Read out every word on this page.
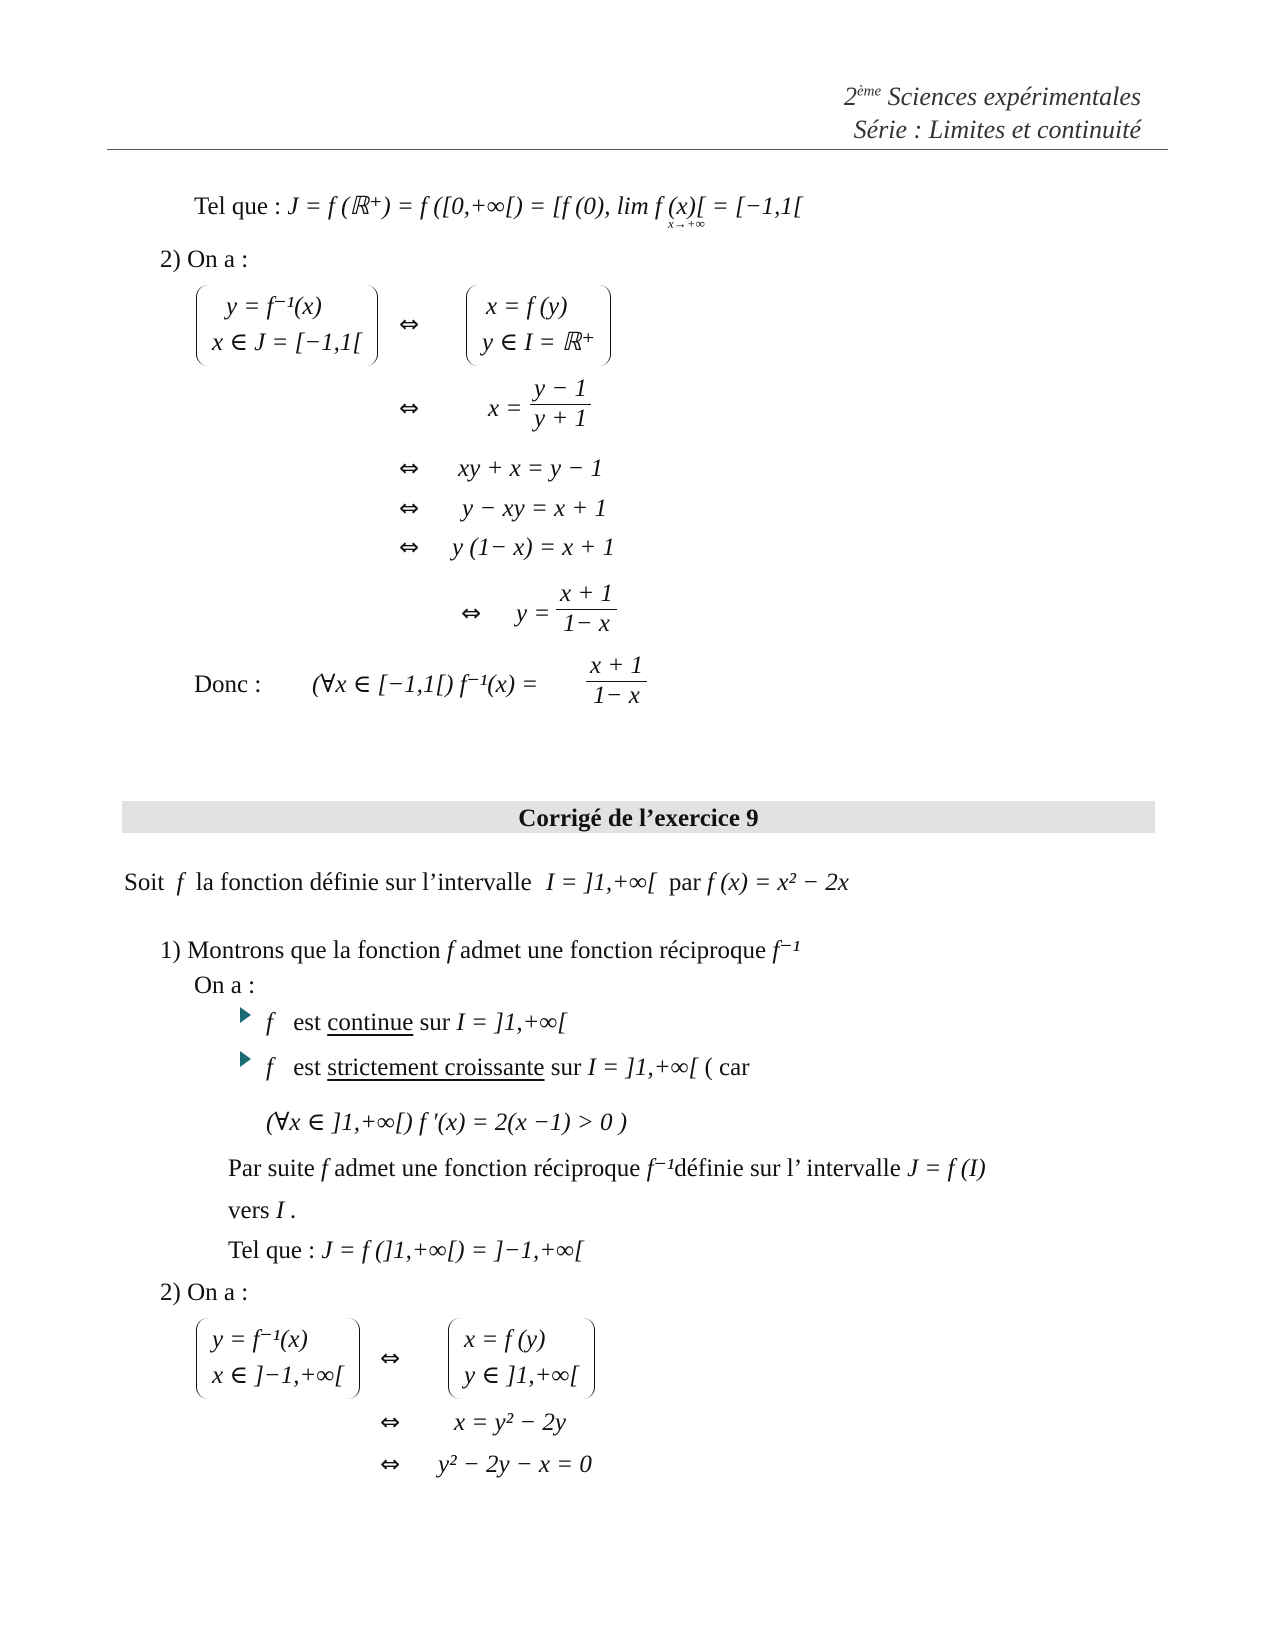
2ème Sciences expérimentales
Série : Limites et continuité
Tel que : J = f (ℝ⁺) = f ([0,+∞[) = [f (0), lim f (x)[ = [−1,1[
x→+∞
2) On a :
y = f⁻¹(x)
x ∈ J = [−1,1[
⇔
x = f (y)
y ∈ I = ℝ⁺
⇔	$x = \frac{y - 1}{y + 1}$
⇔ xy + x = y − 1
⇔ y − xy = x + 1
⇔ y (1− x) = x + 1
⇔ $y = \frac{x + 1}{1- x}$
Donc : (∀x ∈ [−1,1[) $f^{-1}(x) = \frac{x + 1}{1- x}$
Corrigé de l’exercice 9
Soit f la fonction définie sur l’intervalle I = ]1,+∞[ par f (x) = x² − 2x
1) Montrons que la fonction f admet une fonction réciproque f⁻¹
On a :
f est continue sur I = ]1,+∞[
f est strictement croissante sur I = ]1,+∞[ ( car
(∀x ∈ ]1,+∞[) f ′(x) = 2(x −1) > 0 )
Par suite f admet une fonction réciproque f⁻¹définie sur l’ intervalle J = f (I)
vers I .
Tel que : J = f (]1,+∞[) = ]−1,+∞[
2) On a :
y = f⁻¹(x)
x ∈ ]−1,+∞[
⇔
x = f (y)
y ∈ ]1,+∞[
⇔ x = y² − 2y
⇔ y² − 2y − x = 0
